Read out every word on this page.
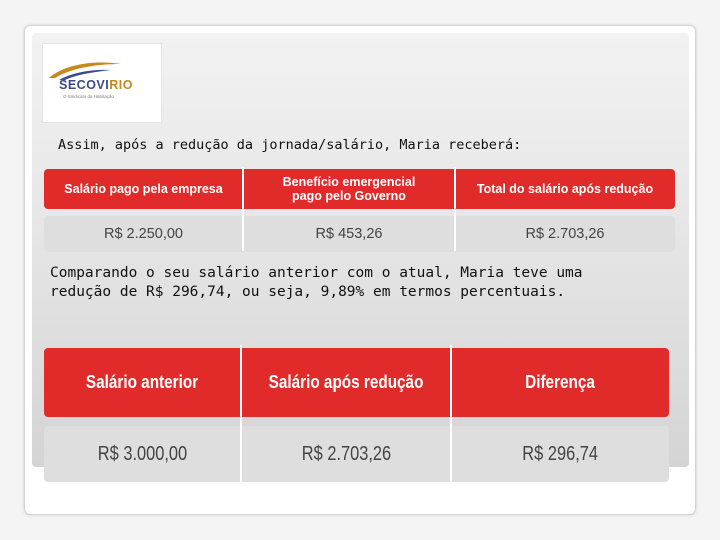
SECOVIRIO
O Sindicato da Habitação
Assim, após a redução da jornada/salário, Maria receberá:
Salário pago pela empresa	Benefício emergencial pago pelo Governo	Total do salário após redução
R$ 2.250,00	R$ 453,26	R$ 2.703,26
Comparando o seu salário anterior com o atual, Maria teve uma
redução de R$ 296,74, ou seja, 9,89% em termos percentuais.
Salário anterior	Salário após redução	Diferença
R$ 3.000,00	R$ 2.703,26	R$ 296,74
